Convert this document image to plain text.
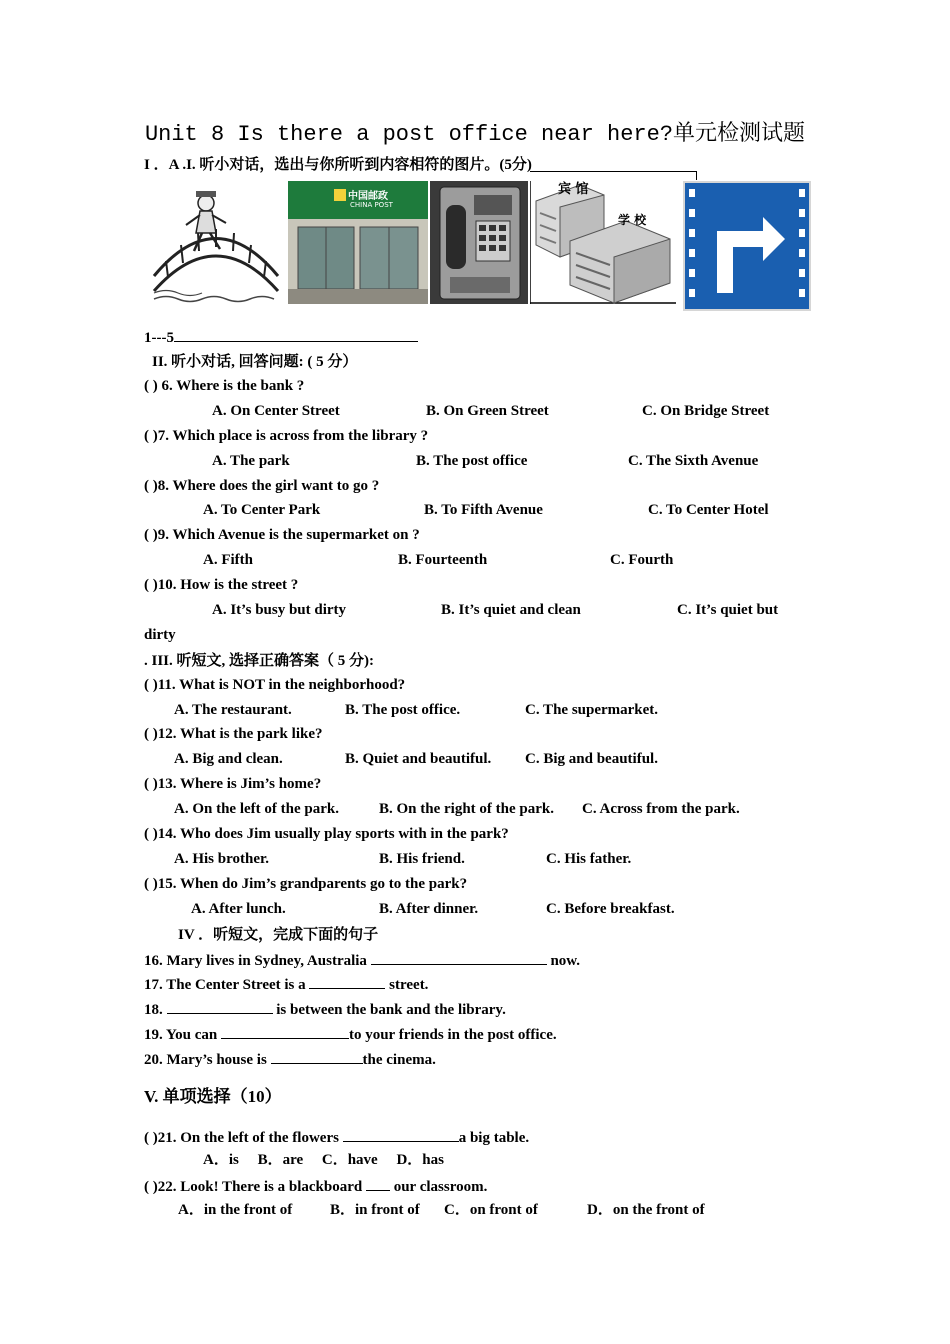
Unit 8 Is there a post office near here?单元检测试题
I ．A .I. 听小对话，选出与你所听到内容相符的图片。(5分)
中国邮政
CHINA POST
宾 馆
学 校
1---5
II. 听小对话, 回答问题: ( 5 分）
( ) 6. Where is the bank ?
A. On Center Street	B. On Green Street	C. On Bridge Street
( )7. Which place is across from the library ?
A. The park	B. The post office	C. The Sixth Avenue
( )8. Where does the girl want to go ?
A. To Center Park	B. To Fifth Avenue	C. To Center Hotel
( )9. Which Avenue is the supermarket on ?
A. Fifth	B. Fourteenth	C. Fourth
( )10. How is the street ?
A. It’s busy but dirty	B. It’s quiet and clean	C. It’s quiet but
dirty
. III. 听短文, 选择正确答案（ 5 分):
( )11. What is NOT in the neighborhood?
A. The restaurant.	B. The post office.	C. The supermarket.
( )12. What is the park like?
A. Big and clean.	B. Quiet and beautiful. C. Big and beautiful.
( )13. Where is Jim’s home?
A. On the left of the park.	B. On the right of the park. C. Across from the park.
( )14. Who does Jim usually play sports with in the park?
A. His brother.	B. His friend.	C. His father.
( )15. When do Jim’s grandparents go to the park?
A. After lunch.	B. After dinner.	C. Before breakfast.
IV ．听短文，完成下面的句子
16. Mary lives in Sydney, Australia	now.
17. The Center Street is a	street.
18.	is between the bank and the library.
19. You can	to your friends in the post office.
20. Mary’s house is	the cinema.
V. 单项选择（10）
( )21. On the left of the flowers	a big table.
A．is     B．are     C．have     D．has
( )22. Look! There is a blackboard  our classroom.
A．in the front of	B．in front of C．on front of	D．on the front of
